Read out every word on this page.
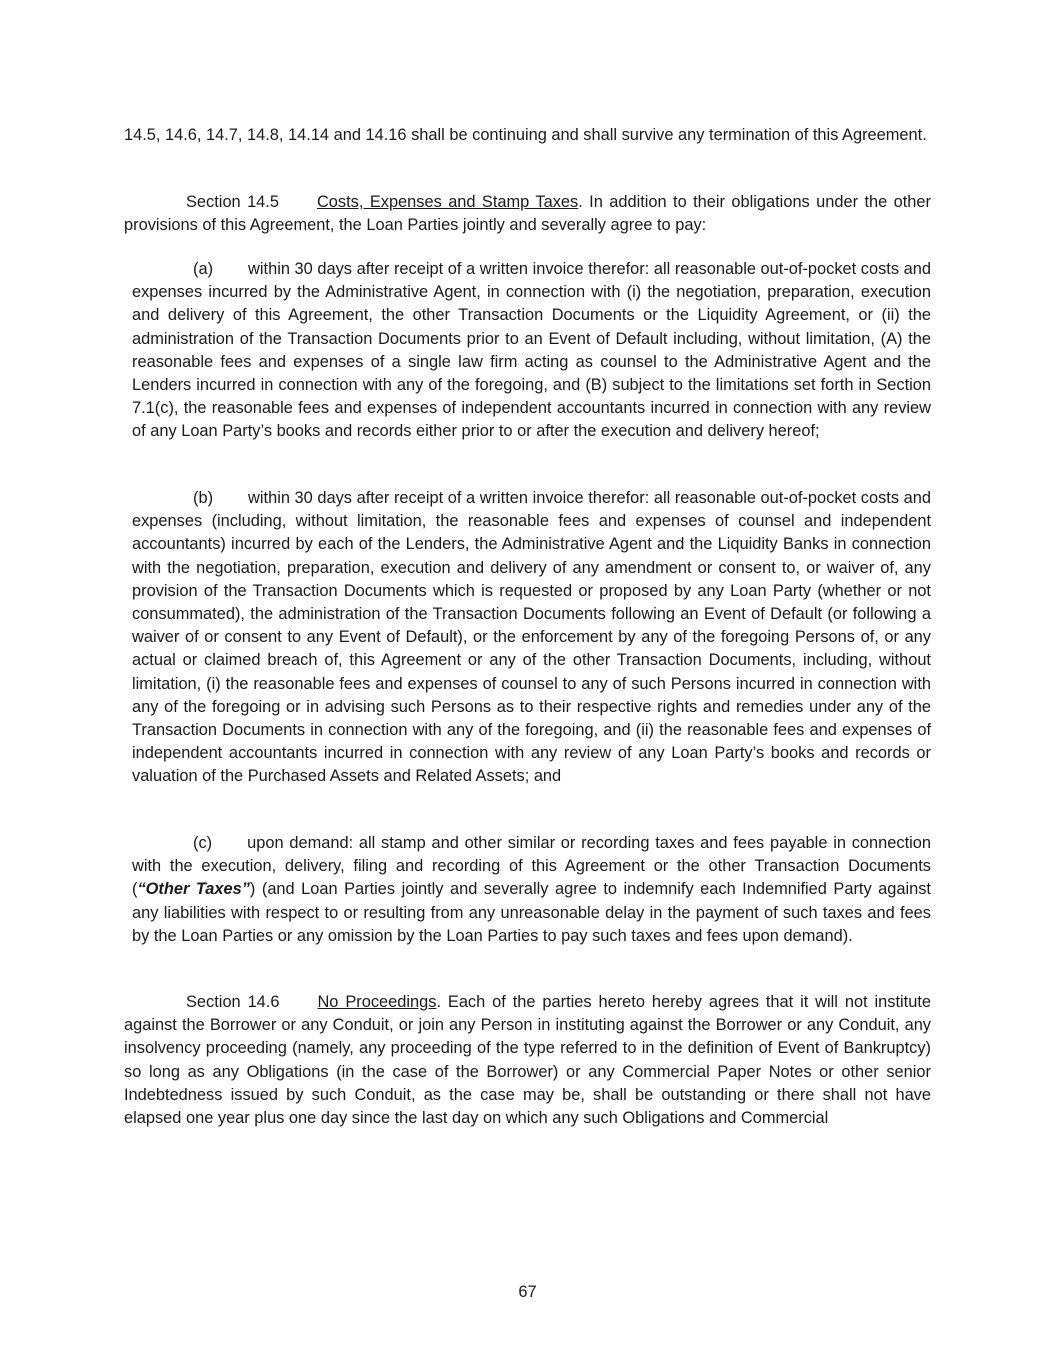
14.5, 14.6, 14.7, 14.8, 14.14 and 14.16 shall be continuing and shall survive any termination of this Agreement.

Section 14.5 Costs, Expenses and Stamp Taxes. In addition to their obligations under the other provisions of this Agreement, the Loan Parties jointly and severally agree to pay:

(a) within 30 days after receipt of a written invoice therefor: all reasonable out-of-pocket costs and expenses incurred by the Administrative Agent, in connection with (i) the negotiation, preparation, execution and delivery of this Agreement, the other Transaction Documents or the Liquidity Agreement, or (ii) the administration of the Transaction Documents prior to an Event of Default including, without limitation, (A) the reasonable fees and expenses of a single law firm acting as counsel to the Administrative Agent and the Lenders incurred in connection with any of the foregoing, and (B) subject to the limitations set forth in Section 7.1(c), the reasonable fees and expenses of independent accountants incurred in connection with any review of any Loan Party’s books and records either prior to or after the execution and delivery hereof;

(b) within 30 days after receipt of a written invoice therefor: all reasonable out-of-pocket costs and expenses (including, without limitation, the reasonable fees and expenses of counsel and independent accountants) incurred by each of the Lenders, the Administrative Agent and the Liquidity Banks in connection with the negotiation, preparation, execution and delivery of any amendment or consent to, or waiver of, any provision of the Transaction Documents which is requested or proposed by any Loan Party (whether or not consummated), the administration of the Transaction Documents following an Event of Default (or following a waiver of or consent to any Event of Default), or the enforcement by any of the foregoing Persons of, or any actual or claimed breach of, this Agreement or any of the other Transaction Documents, including, without limitation, (i) the reasonable fees and expenses of counsel to any of such Persons incurred in connection with any of the foregoing or in advising such Persons as to their respective rights and remedies under any of the Transaction Documents in connection with any of the foregoing, and (ii) the reasonable fees and expenses of independent accountants incurred in connection with any review of any Loan Party’s books and records or valuation of the Purchased Assets and Related Assets; and

(c) upon demand: all stamp and other similar or recording taxes and fees payable in connection with the execution, delivery, filing and recording of this Agreement or the other Transaction Documents (“Other Taxes”) (and Loan Parties jointly and severally agree to indemnify each Indemnified Party against any liabilities with respect to or resulting from any unreasonable delay in the payment of such taxes and fees by the Loan Parties or any omission by the Loan Parties to pay such taxes and fees upon demand).

Section 14.6 No Proceedings. Each of the parties hereto hereby agrees that it will not institute against the Borrower or any Conduit, or join any Person in instituting against the Borrower or any Conduit, any insolvency proceeding (namely, any proceeding of the type referred to in the definition of Event of Bankruptcy) so long as any Obligations (in the case of the Borrower) or any Commercial Paper Notes or other senior Indebtedness issued by such Conduit, as the case may be, shall be outstanding or there shall not have elapsed one year plus one day since the last day on which any such Obligations and Commercial

67
